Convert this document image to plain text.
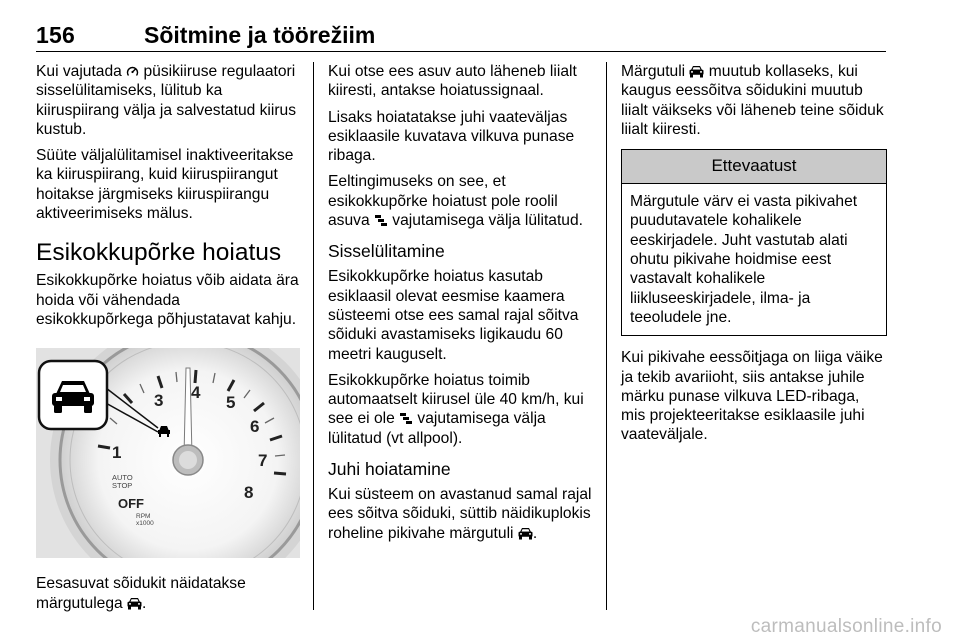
156	Sõitmine ja töörežiim

Kui vajutada  püsikiiruse regulaatori sisselülitamiseks, lülitub ka kiiruspiirang välja ja salvestatud kiirus kustub.

Süüte väljalülitamisel inaktiveeritakse ka kiiruspiirang, kuid kiiruspiirangut hoitakse järgmiseks kiiruspiirangu aktiveerimiseks mälus.

Esikokkupõrke hoiatus

Esikokkupõrke hoiatus võib aidata ära hoida või vähendada esikokkupõrkega põhjustatavat kahju.

1
3 4
5
6
7
8
AUTO
STOP
OFF
RPM
x1000

Eesasuvat sõidukit näidatakse märgutulega .

Kui otse ees asuv auto läheneb liialt kiiresti, antakse hoiatussignaal.

Lisaks hoiatatakse juhi vaateväljas esiklaasile kuvatava vilkuva punase ribaga.

Eeltingimuseks on see, et esikokkupõrke hoiatust pole roolil asuva  vajutamisega välja lülitatud.

Sisselülitamine

Esikokkupõrke hoiatus kasutab esiklaasil olevat eesmise kaamera süsteemi otse ees samal rajal sõitva sõiduki avastamiseks ligikaudu 60 meetri kauguselt.

Esikokkupõrke hoiatus toimib automaatselt kiirusel üle 40 km/h, kui see ei ole  vajutamisega välja lülitatud (vt allpool).

Juhi hoiatamine

Kui süsteem on avastanud samal rajal ees sõitva sõiduki, süttib näidikuplokis roheline pikivahe märgutuli .

Märgutuli  muutub kollaseks, kui kaugus eessõitva sõidukini muutub liialt väikseks või läheneb teine sõiduk liialt kiiresti.

Ettevaatust
Märgutule värv ei vasta pikivahet puudutavatele kohalikele eeskirjadele. Juht vastutab alati ohutu pikivahe hoidmise eest vastavalt kohalikele liikluseeskirjadele, ilma- ja teeoludele jne.

Kui pikivahe eessõitjaga on liiga väike ja tekib avariioht, siis antakse juhile märku punase vilkuva LED-ribaga, mis projekteeritakse esiklaasile juhi vaateväljale.

carmanualsonline.info
